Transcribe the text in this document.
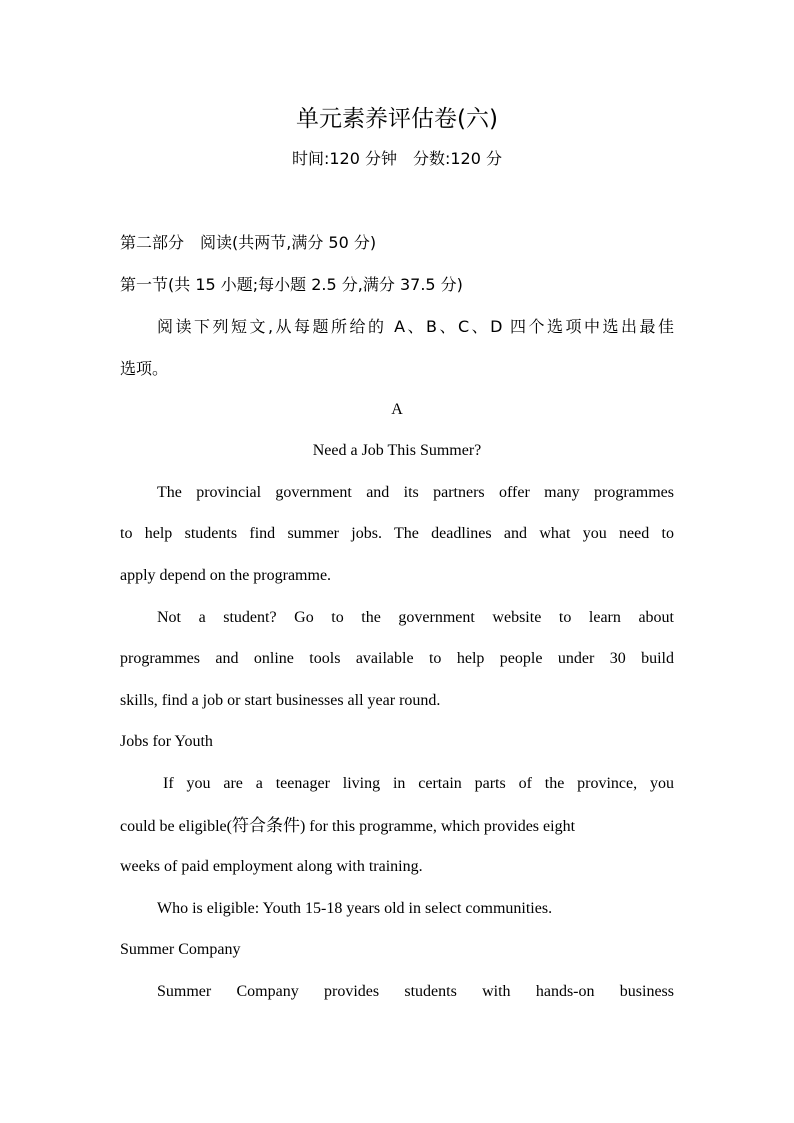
单元素养评估卷(六)
时间:120 分钟　分数:120 分
第二部分　阅读(共两节,满分 50 分)
第一节(共 15 小题;每小题 2.5 分,满分 37.5 分)
阅读下列短文,从每题所给的 A、B、C、D 四个选项中选出最佳
选项。
A
Need a Job This Summer?
The provincial government and its partners offer many programmes
to help students find summer jobs. The deadlines and what you need to
apply depend on the programme.
Not a student? Go to the government website to learn about
programmes and online tools available to help people under 30 build
skills, find a job or start businesses all year round.
Jobs for Youth
If you are a teenager living in certain parts of the province, you
could be eligible(符合条件) for this programme, which provides eight
weeks of paid employment along with training.
Who is eligible: Youth 15-18 years old in select communities.
Summer Company
Summer Company provides students with hands-on business
